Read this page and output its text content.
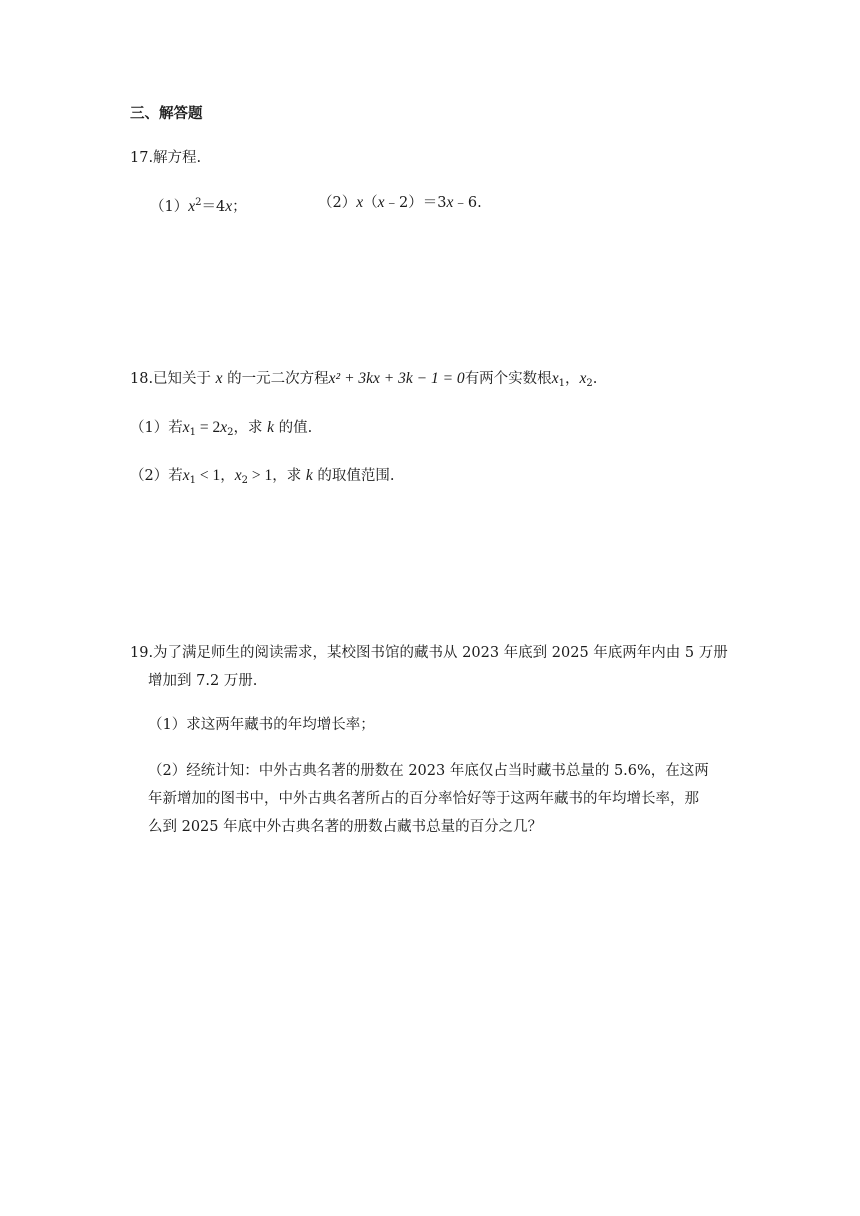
三、解答题
17.解方程.
$(1)x^2=4x$；	（2）x（x﹣2）＝3x﹣6.
18.已知关于 x 的一元二次方程x² + 3kx + 3k − 1 = 0有两个实数根$x_1$，$x_2$.
（1）若$x_1 = 2x_2$，求 k 的值.
（2）若$x_1 < 1$，$x_2 > 1$，求 k 的取值范围.
19.为了满足师生的阅读需求，某校图书馆的藏书从 2023 年底到 2025 年底两年内由 5 万册
增加到 7.2 万册.
（1）求这两年藏书的年均增长率；
（2）经统计知：中外古典名著的册数在 2023 年底仅占当时藏书总量的 5.6%，在这两
年新增加的图书中，中外古典名著所占的百分率恰好等于这两年藏书的年均增长率，那
么到 2025 年底中外古典名著的册数占藏书总量的百分之几？
